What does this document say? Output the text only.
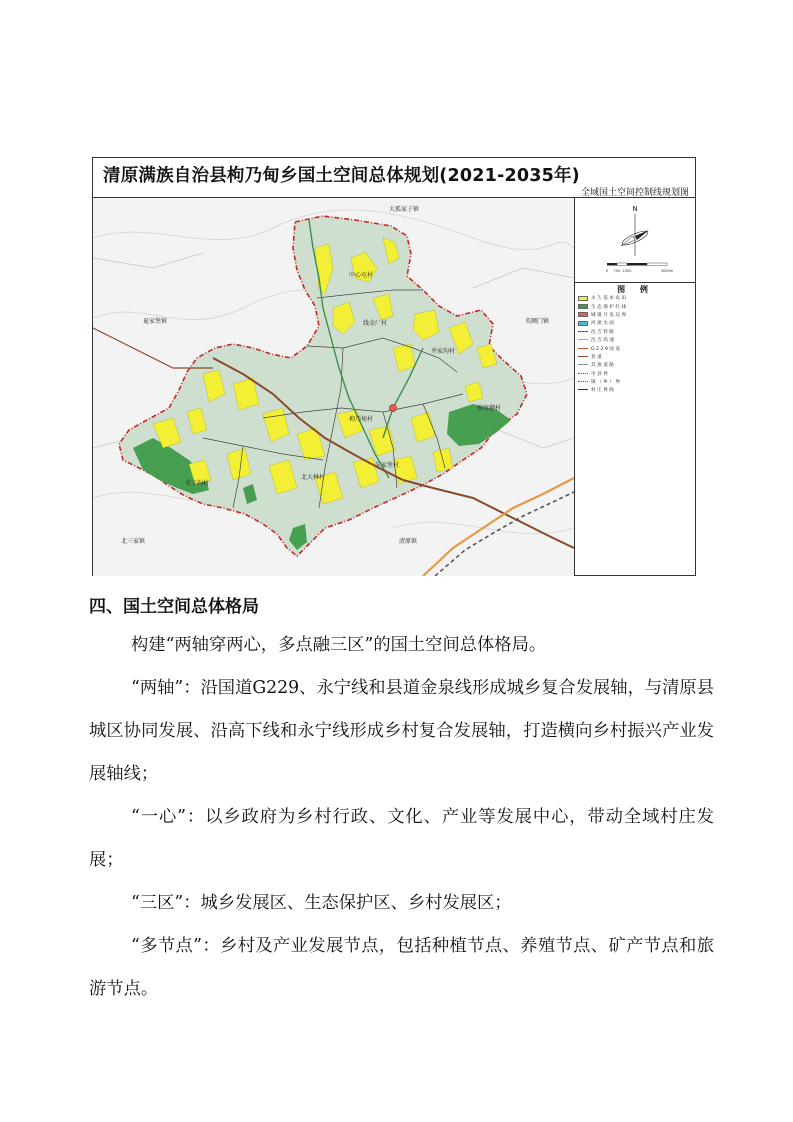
清原满族自治县枸乃甸乡国土空间总体规划(2021-2035年)
全域国土空间控制线规划图
大孤家子镇
中心屯村
夏家堡镇	线金厂村	英额门镇
井家沟村
枸乃甸村
侯窝棚村
屯子沟村
北大林村
朱家堡村
北三家镇	清原镇
N
0 750 1500	3000m
图 例
永久基本农田
生态保护红线
城镇开发边界
河流水面
沈吉铁路
沈吉高速
G229国道
县道
其他道路
市县界
镇（乡）界
村庄界线
四、国土空间总体格局
构建“两轴穿两心，多点融三区”的国土空间总体格局。
“两轴”：沿国道G229、永宁线和县道金泉线形成城乡复合发展轴，与清原县城区协同发展、沿高下线和永宁线形成乡村复合发展轴，打造横向乡村振兴产业发展轴线；
“一心”：以乡政府为乡村行政、文化、产业等发展中心，带动全域村庄发展；
“三区”：城乡发展区、生态保护区、乡村发展区；
“多节点”：乡村及产业发展节点，包括种植节点、养殖节点、矿产节点和旅游节点。
